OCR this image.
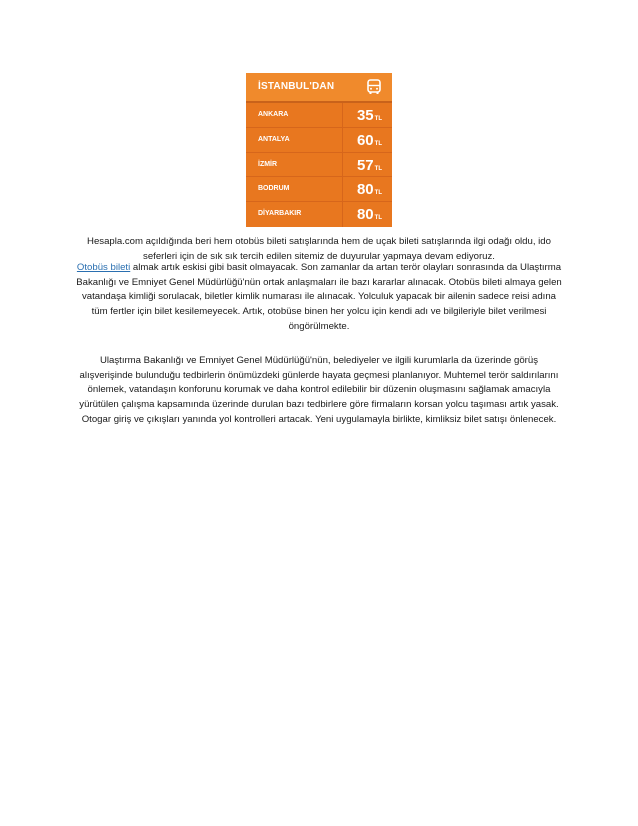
İSTANBUL'DAN
ANKARA	35TL
ANTALYA	60TL
İZMİR	57TL
BODRUM	80TL
DİYARBAKIR	80TL

Hesapla.com açıldığında beri hem otobüs bileti satışlarında hem de uçak bileti satışlarında ilgi odağı oldu, ido seferleri için de sık sık tercih edilen sitemiz de duyurular yapmaya devam ediyoruz.

Otobüs bileti almak artık eskisi gibi basit olmayacak. Son zamanlar da artan terör olayları sonrasında da Ulaştırma Bakanlığı ve Emniyet Genel Müdürlüğü'nün ortak anlaşmaları ile bazı kararlar alınacak. Otobüs bileti almaya gelen vatandaşa kimliği sorulacak, biletler kimlik numarası ile alınacak. Yolculuk yapacak bir ailenin sadece reisi adına tüm fertler için bilet kesilemeyecek. Artık, otobüse binen her yolcu için kendi adı ve bilgileriyle bilet verilmesi öngörülmekte.

Ulaştırma Bakanlığı ve Emniyet Genel Müdürlüğü'nün, belediyeler ve ilgili kurumlarla da üzerinde görüş alışverişinde bulunduğu tedbirlerin önümüzdeki günlerde hayata geçmesi planlanıyor. Muhtemel terör saldırılarını önlemek, vatandaşın konforunu korumak ve daha kontrol edilebilir bir düzenin oluşmasını sağlamak amacıyla yürütülen çalışma kapsamında üzerinde durulan bazı tedbirlere göre firmaların korsan yolcu taşıması artık yasak. Otogar giriş ve çıkışları yanında yol kontrolleri artacak. Yeni uygulamayla birlikte, kimliksiz bilet satışı önlenecek.
